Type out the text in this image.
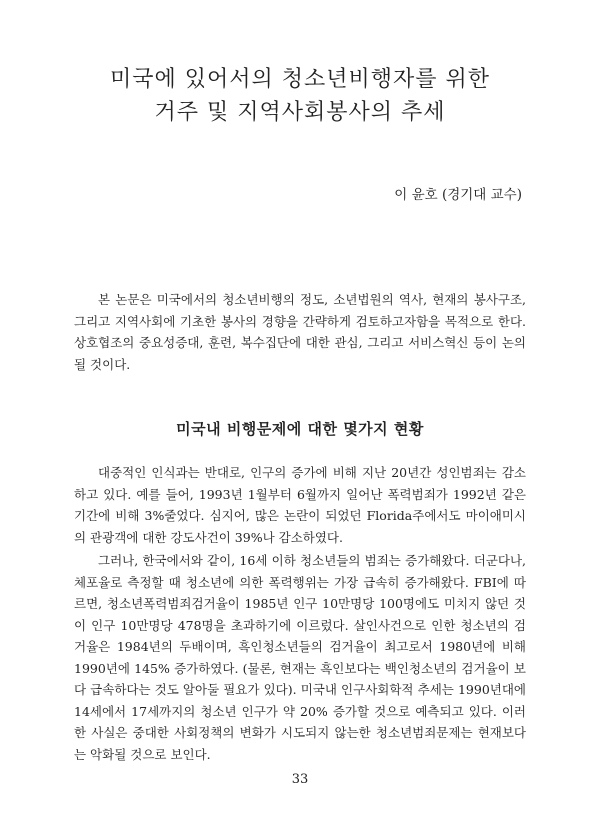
미국에 있어서의 청소년비행자를 위한
거주 및 지역사회봉사의 추세
이 윤호 (경기대 교수)

본 논문은 미국에서의 청소년비행의 정도, 소년법원의 역사, 현재의 봉사구조, 그리고 지역사회에 기초한 봉사의 경향을 간략하게 검토하고자함을 목적으로 한다. 상호협조의 중요성증대, 훈련, 복수집단에 대한 관심, 그리고 서비스혁신 등이 논의될 것이다.

미국내 비행문제에 대한 몇가지 현황

대중적인 인식과는 반대로, 인구의 증가에 비해 지난 20년간 성인범죄는 감소하고 있다. 예를 들어, 1993년 1월부터 6월까지 일어난 폭력범죄가 1992년 같은 기간에 비해 3%줄었다. 심지어, 많은 논란이 되었던 Florida주에서도 마이애미시의 관광객에 대한 강도사건이 39%나 감소하였다.

그러나, 한국에서와 같이, 16세 이하 청소년들의 범죄는 증가해왔다. 더군다나, 체포율로 측정할 때 청소년에 의한 폭력행위는 가장 급속히 증가해왔다. FBI에 따르면, 청소년폭력범죄검거율이 1985년 인구 10만명당 100명에도 미치지 않던 것이 인구 10만명당 478명을 초과하기에 이르렀다. 살인사건으로 인한 청소년의 검거율은 1984년의 두배이며, 흑인청소년들의 검거율이 최고로서 1980년에 비해 1990년에 145% 증가하였다. (물론, 현재는 흑인보다는 백인청소년의 검거율이 보다 급속하다는 것도 알아둘 필요가 있다). 미국내 인구사회학적 추세는 1990년대에 14세에서 17세까지의 청소년 인구가 약 20% 증가할 것으로 예측되고 있다. 이러한 사실은 중대한 사회정책의 변화가 시도되지 않는한 청소년범죄문제는 현재보다는 악화될 것으로 보인다.

33
